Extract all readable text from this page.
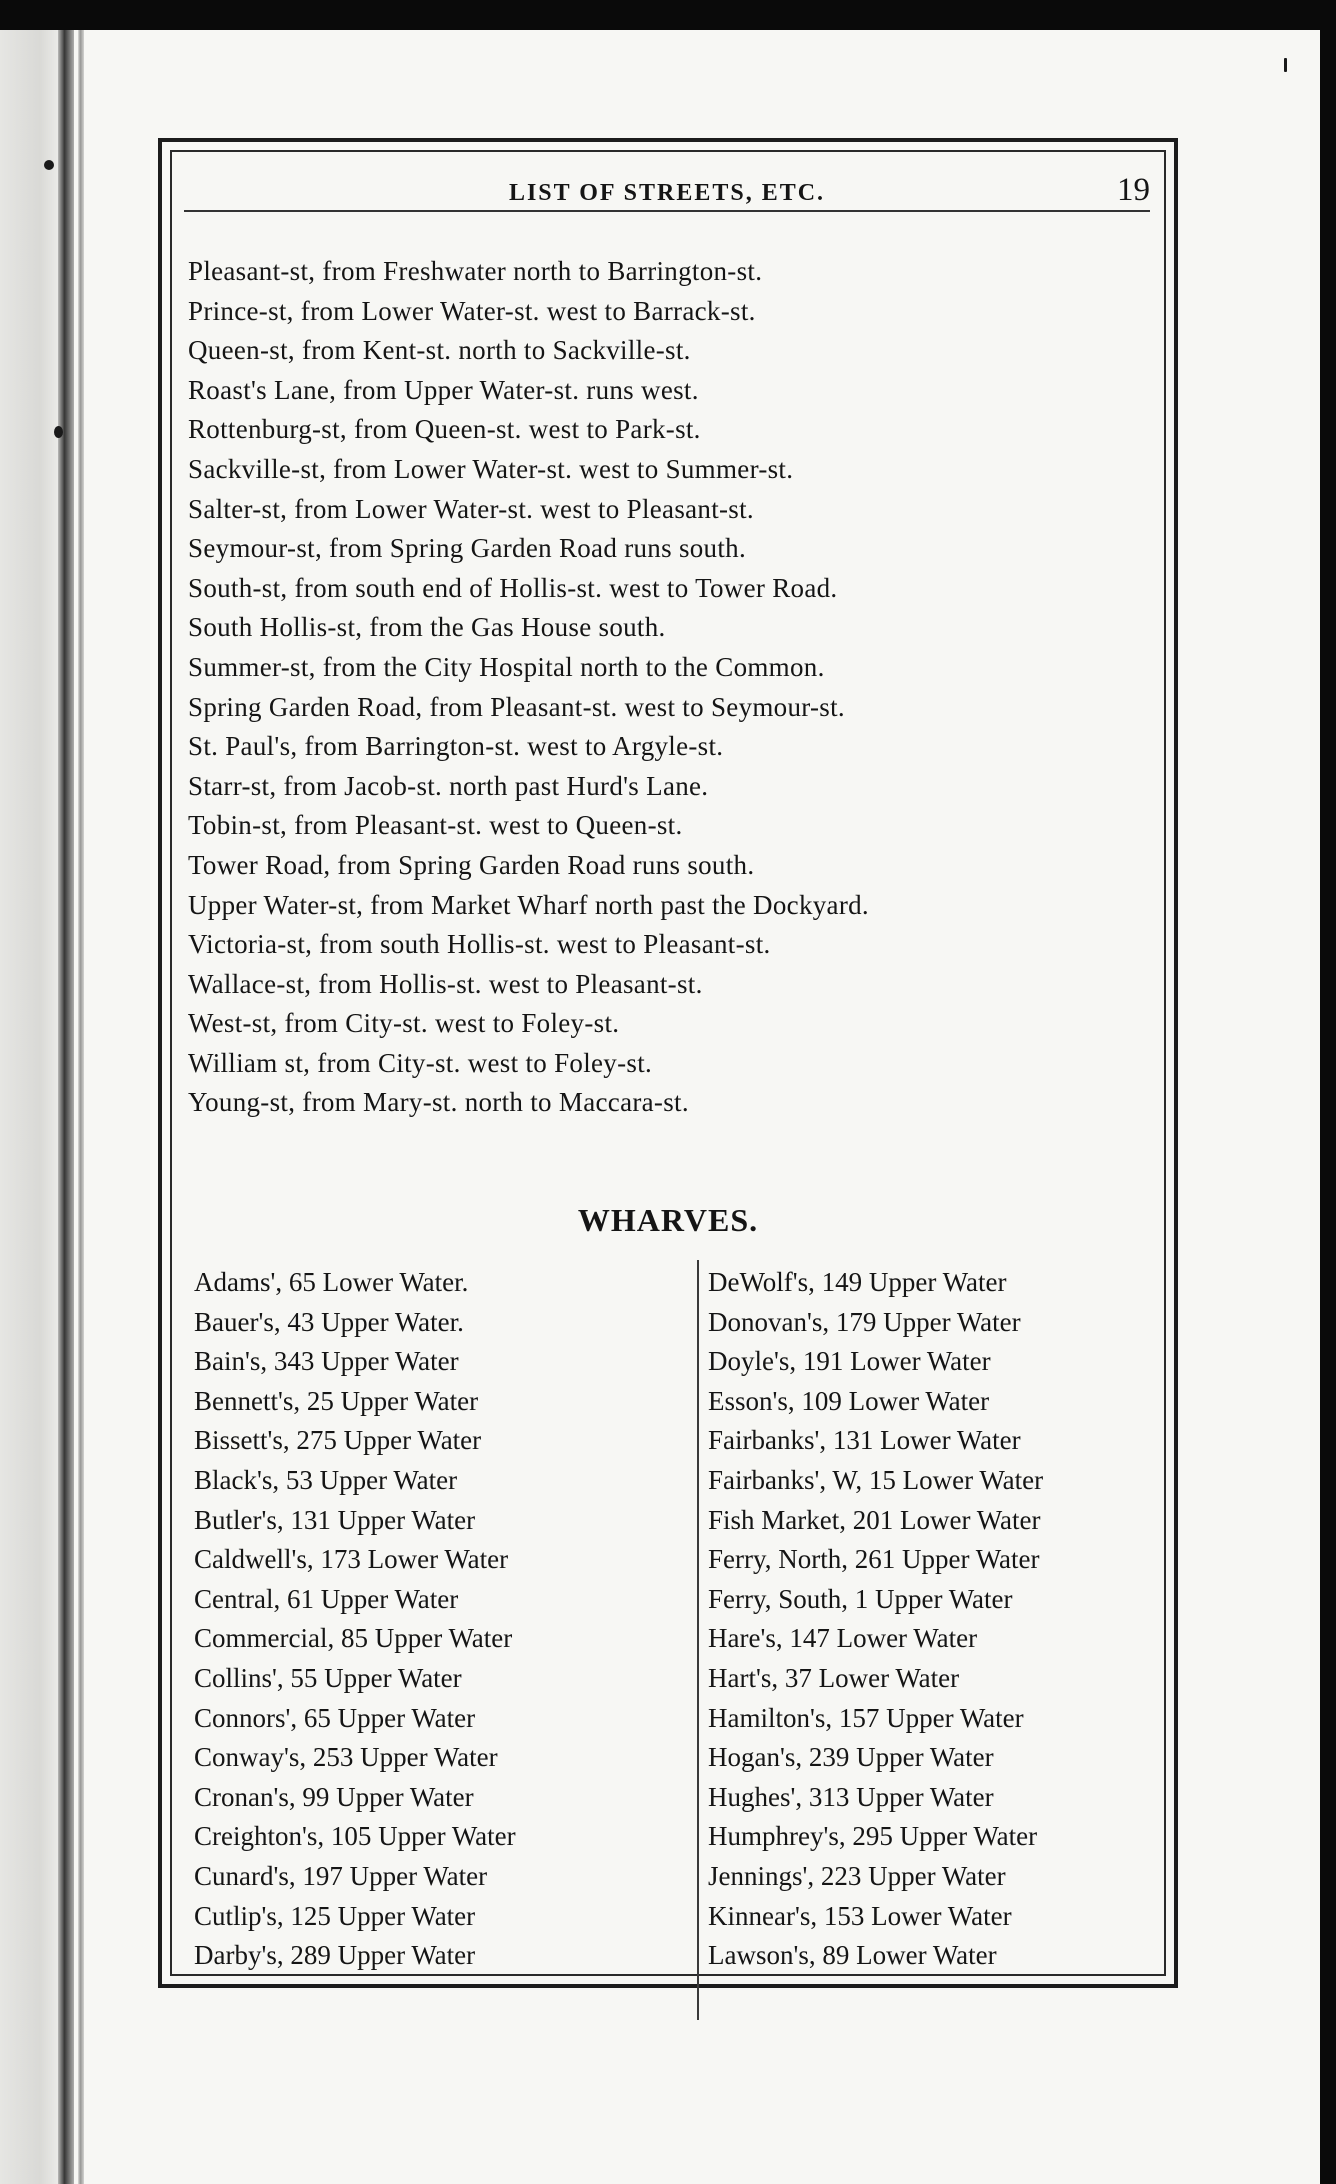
LIST OF STREETS, ETC.	19
Pleasant-st, from Freshwater north to Barrington-st.
Prince-st, from Lower Water-st. west to Barrack-st.
Queen-st, from Kent-st. north to Sackville-st.
Roast's Lane, from Upper Water-st. runs west.
Rottenburg-st, from Queen-st. west to Park-st.
Sackville-st, from Lower Water-st. west to Summer-st.
Salter-st, from Lower Water-st. west to Pleasant-st.
Seymour-st, from Spring Garden Road runs south.
South-st, from south end of Hollis-st. west to Tower Road.
South Hollis-st, from the Gas House south.
Summer-st, from the City Hospital north to the Common.
Spring Garden Road, from Pleasant-st. west to Seymour-st.
St. Paul's, from Barrington-st. west to Argyle-st.
Starr-st, from Jacob-st. north past Hurd's Lane.
Tobin-st, from Pleasant-st. west to Queen-st.
Tower Road, from Spring Garden Road runs south.
Upper Water-st, from Market Wharf north past the Dockyard.
Victoria-st, from south Hollis-st. west to Pleasant-st.
Wallace-st, from Hollis-st. west to Pleasant-st.
West-st, from City-st. west to Foley-st.
William st, from City-st. west to Foley-st.
Young-st, from Mary-st. north to Maccara-st.
WHARVES.
Adams', 65 Lower Water.
Bauer's, 43 Upper Water.
Bain's, 343 Upper Water
Bennett's, 25 Upper Water
Bissett's, 275 Upper Water
Black's, 53 Upper Water
Butler's, 131 Upper Water
Caldwell's, 173 Lower Water
Central, 61 Upper Water
Commercial, 85 Upper Water
Collins', 55 Upper Water
Connors', 65 Upper Water
Conway's, 253 Upper Water
Cronan's, 99 Upper Water
Creighton's, 105 Upper Water
Cunard's, 197 Upper Water
Cutlip's, 125 Upper Water
Darby's, 289 Upper Water
DeWolf's, 149 Upper Water
Donovan's, 179 Upper Water
Doyle's, 191 Lower Water
Esson's, 109 Lower Water
Fairbanks', 131 Lower Water
Fairbanks', W, 15 Lower Water
Fish Market, 201 Lower Water
Ferry, North, 261 Upper Water
Ferry, South, 1 Upper Water
Hare's, 147 Lower Water
Hart's, 37 Lower Water
Hamilton's, 157 Upper Water
Hogan's, 239 Upper Water
Hughes', 313 Upper Water
Humphrey's, 295 Upper Water
Jennings', 223 Upper Water
Kinnear's, 153 Lower Water
Lawson's, 89 Lower Water
